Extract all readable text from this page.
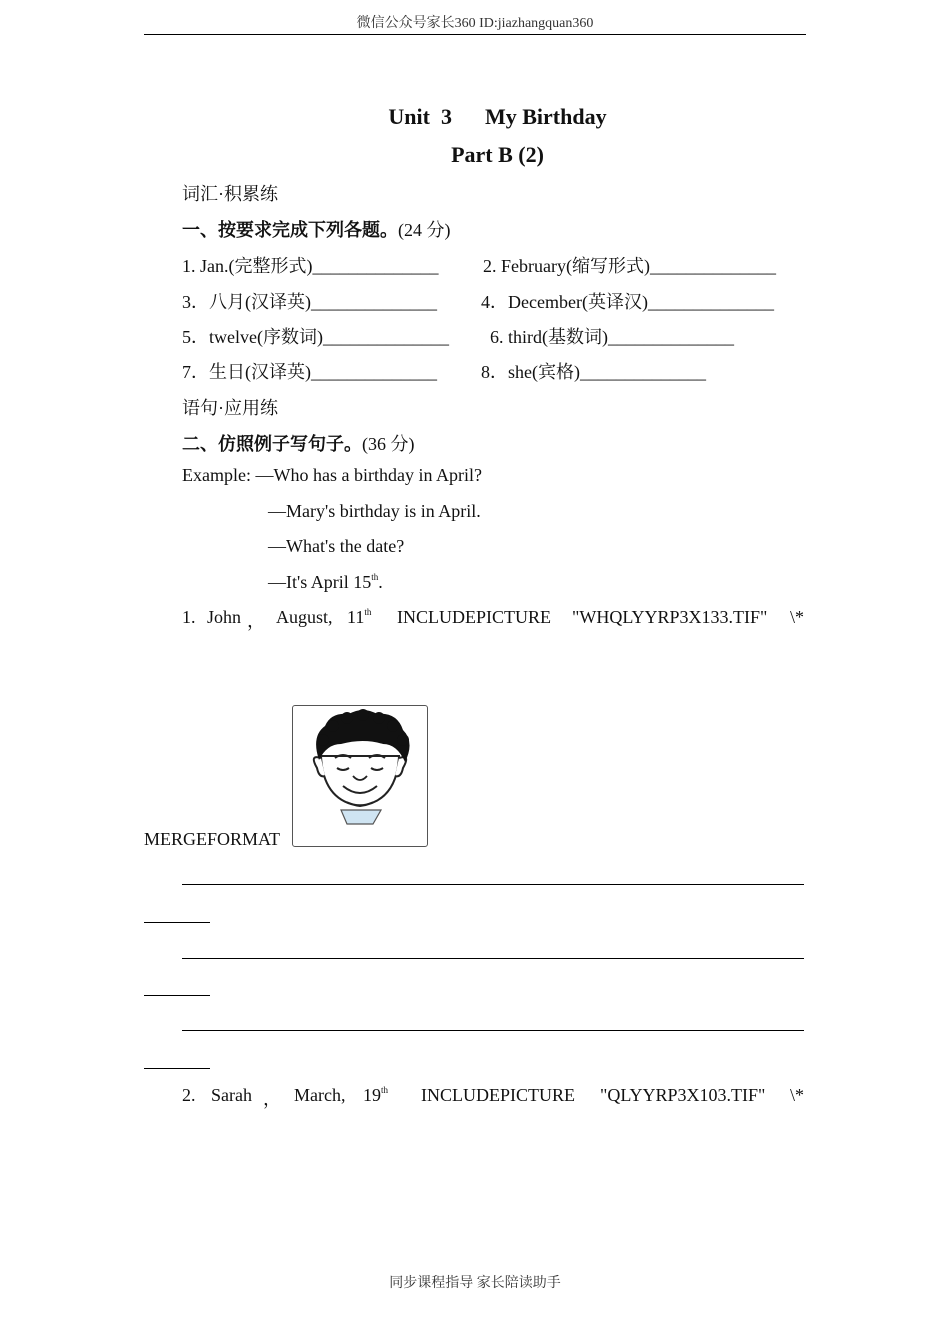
微信公众号家长360 ID:jiazhangquan360
Unit  3      My Birthday
Part B (2)
词汇·积累练
一、按要求完成下列各题。(24 分)
1. Jan.(完整形式)______________ 2. February(缩写形式)______________
3．八月(汉译英)______________ 4．December(英译汉)______________
5．twelve(序数词)______________ 6. third(基数词)______________
7．生日(汉译英)______________ 8．she(宾格)______________
语句·应用练
二、仿照例子写句子。(36 分)
Example: —Who has a birthday in April?
—Mary's birthday is in April.
—What's the date?
—It's April 15th.
1. John ， August, 11th INCLUDEPICTURE "WHQLYYRP3X133.TIF" \*
MERGEFORMAT
2. Sarah ， March, 19th INCLUDEPICTURE "QLYYRP3X103.TIF" \*
同步课程指导 家长陪读助手
